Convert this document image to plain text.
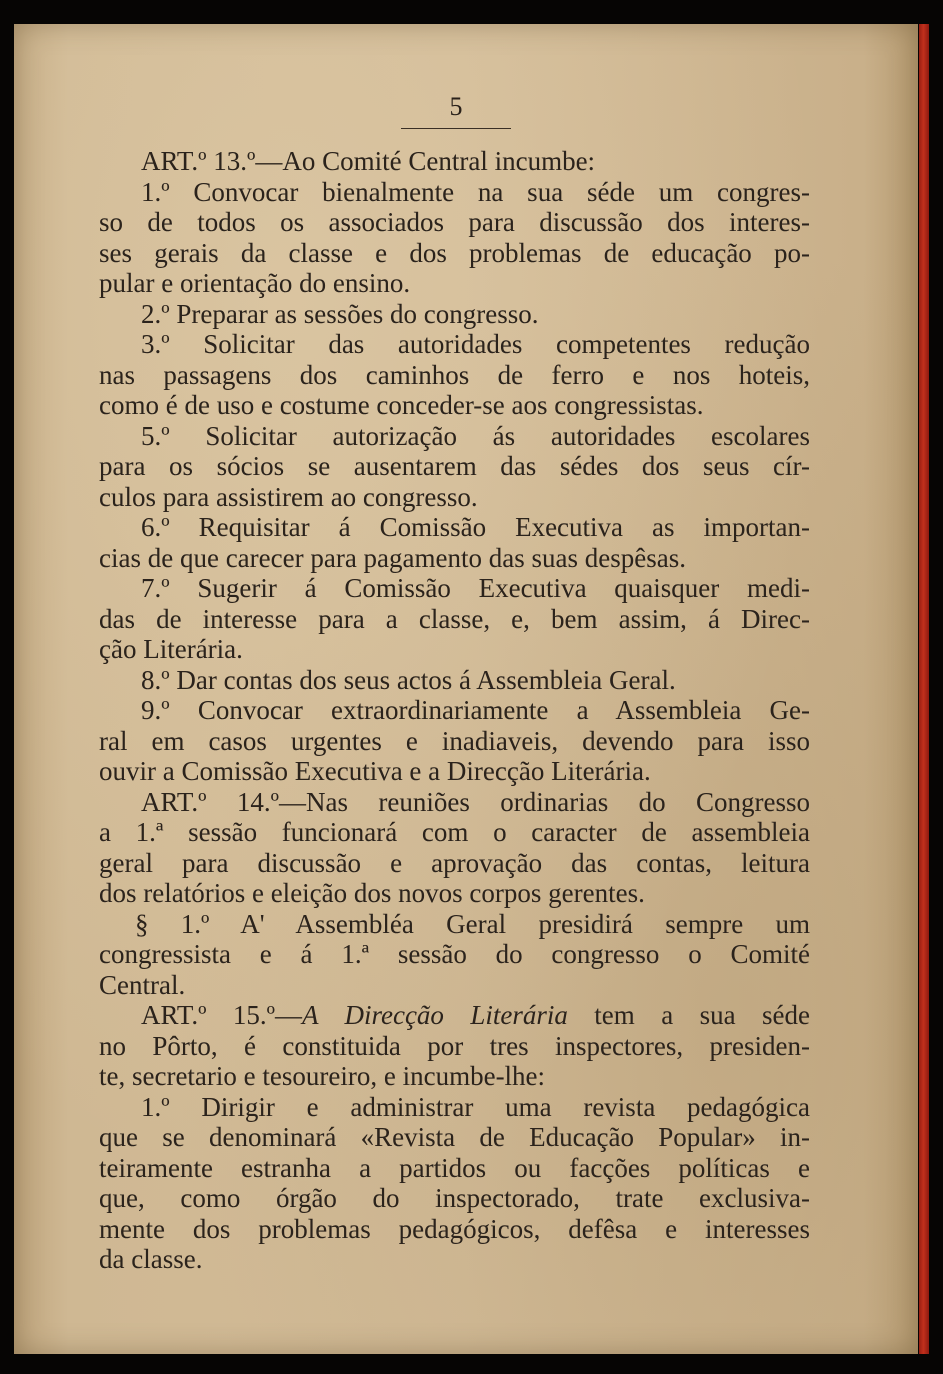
5
ART.º 13.º—Ao Comité Central incumbe:
1.º Convocar bienalmente na sua séde um congres-
so de todos os associados para discussão dos interes-
ses gerais da classe e dos problemas de educação po-
pular e orientação do ensino.
2.º Preparar as sessões do congresso.
3.º Solicitar das autoridades competentes redução
nas passagens dos caminhos de ferro e nos hoteis,
como é de uso e costume conceder-se aos congressistas.
5.º Solicitar autorização ás autoridades escolares
para os sócios se ausentarem das sédes dos seus cír-
culos para assistirem ao congresso.
6.º Requisitar á Comissão Executiva as importan-
cias de que carecer para pagamento das suas despêsas.
7.º Sugerir á Comissão Executiva quaisquer medi-
das de interesse para a classe, e, bem assim, á Direc-
ção Literária.
8.º Dar contas dos seus actos á Assembleia Geral.
9.º Convocar extraordinariamente a Assembleia Ge-
ral em casos urgentes e inadiaveis, devendo para isso
ouvir a Comissão Executiva e a Direcção Literária.
ART.º 14.º—Nas reuniões ordinarias do Congresso
a 1.ª sessão funcionará com o caracter de assembleia
geral para discussão e aprovação das contas, leitura
dos relatórios e eleição dos novos corpos gerentes.
§ 1.º A' Assembléa Geral presidirá sempre um
congressista e á 1.ª sessão do congresso o Comité
Central.
ART.º 15.º—A Direcção Literária tem a sua séde
no Pôrto, é constituida por tres inspectores, presiden-
te, secretario e tesoureiro, e incumbe-lhe:
1.º Dirigir e administrar uma revista pedagógica
que se denominará «Revista de Educação Popular» in-
teiramente estranha a partidos ou facções políticas e
que, como órgão do inspectorado, trate exclusiva-
mente dos problemas pedagógicos, defêsa e interesses
da classe.
